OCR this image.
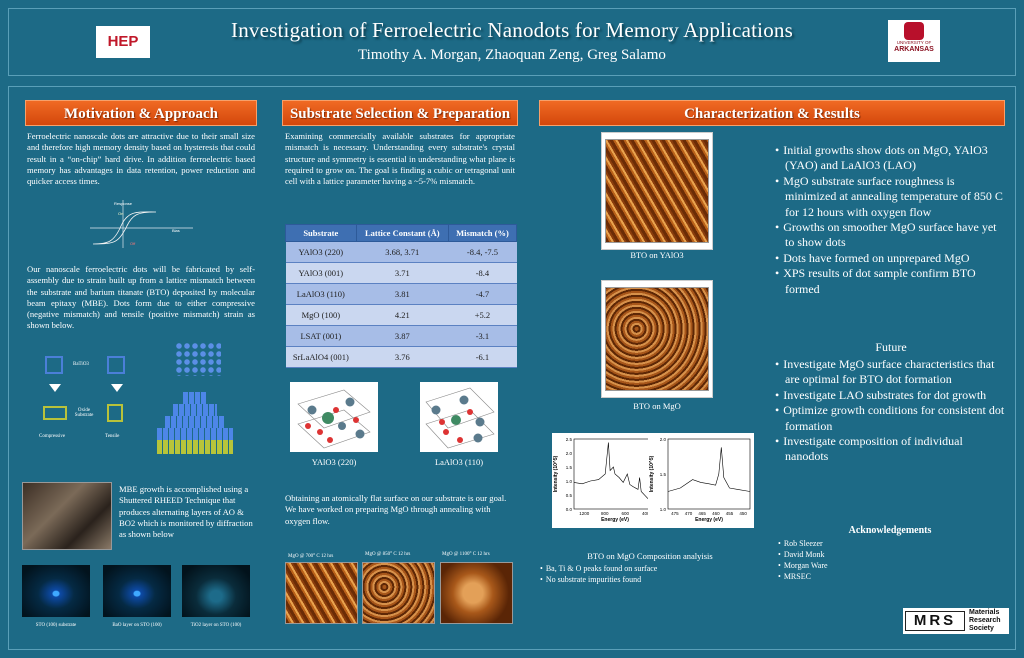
HEP	Investigation of Ferroelectric Nanodots for Memory Applications
Timothy A. Morgan, Zhaoquan Zeng, Greg Salamo
UNIVERSITY OF
ARKANSAS
Motivation & Approach	Substrate Selection & Preparation	Characterization & Results
Ferroelectric nanoscale dots are attractive due to their small size and therefore high memory density based on hysteresis that could result in a “on-chip” hard drive. In addition ferroelectric based memory has advantages in data retention, power reduction and quicker access times.
Response
Bias
On
Off
Our nanoscale ferroelectric dots will be fabricated by self-assembly due to strain built up from a lattice mismatch between the substrate and barium titanate (BTO) deposited by molecular beam epitaxy (MBE). Dots form due to either compressive (negative mismatch) and tensile (positive mismatch) strain as shown below.
BaTiO3
Oxide Substrate
Compressive	Tensile
MBE growth is accomplished using a Shuttered RHEED Technique that produces alternating layers of AO & BO2 which is monitored by diffraction as shown below
STO (100) substrate	BaO layer on STO (100)	TiO2 layer on STO (100)
Examining commercially available substrates for appropriate mismatch is necessary. Understanding every substrate's crystal structure and symmetry is essential in understanding what plane is required to grow on. The goal is finding a cubic or tetragonal unit cell with a lattice parameter having a ~5-7% mismatch.
Substrate	Lattice Constant (Å)	Mismatch (%)
YAlO3 (220)	3.68, 3.71	-8.4, -7.5
YAlO3 (001)	3.71	-8.4
LaAlO3 (110)	3.81	-4.7
MgO (100)	4.21	+5.2
LSAT (001)	3.87	-3.1
SrLaAlO4 (001)	3.76	-6.1
YAlO3 (220)	LaAlO3 (110)
Obtaining an atomically flat surface on our substrate is our goal. We have worked on preparing MgO through annealing with oxygen flow.
MgO @ 700° C 12 hrs	MgO @ 850° C 12 hrs	MgO @ 1100° C 12 hrs
BTO on YAlO3
BTO on MgO
• Initial growths show dots on MgO, YAlO3 (YAO) and LaAlO3 (LAO)
• MgO substrate surface roughness is minimized at annealing temperature of 850 C for 12 hours with oxygen flow
• Growths on smoother MgO surface have yet to show dots
• Dots have formed on unprepared MgO
• XPS results of dot sample confirm BTO formed
Future
• Investigate MgO surface characteristics that are optimal for BTO dot formation
• Investigate LAO substrates for dot growth
• Optimize growth conditions for consistent dot formation
• Investigate composition of individual nanodots
0.0
0.5
1.0
1.5
2.0
2.5
1200	800	600	400
Energy (eV)
Intensity (10^5)
1.0
1.5
2.0
475 470 465 460 455 450
Energy (eV)
Intensity (10^5)
BTO on MgO Composition analyisis
• Ba, Ti & O peaks found on surface
• No substrate impurities found
Acknowledgements
• Rob Sleezer
• David Monk
• Morgan Ware
• MRSEC
MRS	Materials
Research
Society
